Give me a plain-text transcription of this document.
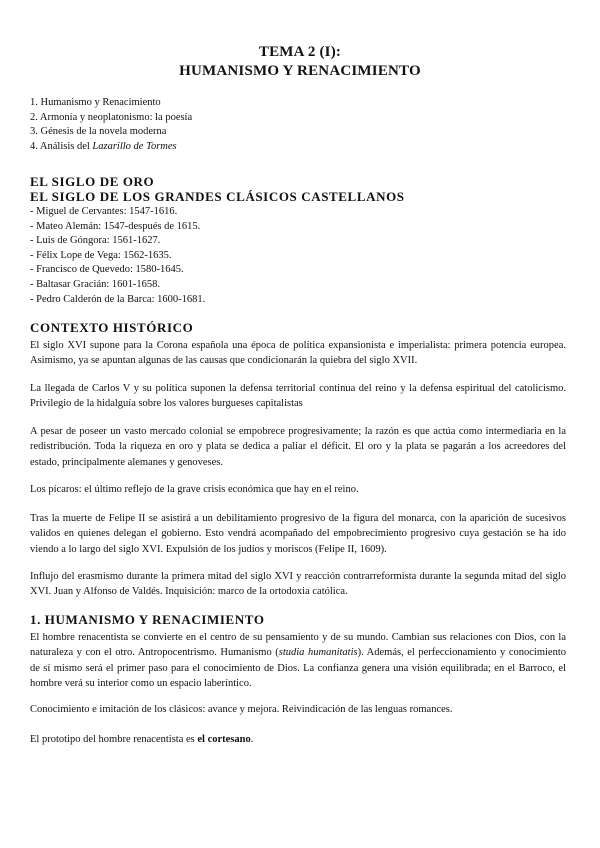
TEMA 2 (I):
HUMANISMO Y RENACIMIENTO
1. Humanismo y Renacimiento
2. Armonía y neoplatonismo: la poesía
3. Génesis de la novela moderna
4. Análisis del Lazarillo de Tormes
EL SIGLO DE ORO
EL SIGLO DE LOS GRANDES CLÁSICOS CASTELLANOS
- Miguel de Cervantes: 1547-1616.
- Mateo Alemán: 1547-después de 1615.
- Luis de Góngora: 1561-1627.
- Félix Lope de Vega: 1562-1635.
- Francisco de Quevedo: 1580-1645.
- Baltasar Gracián: 1601-1658.
- Pedro Calderón de la Barca: 1600-1681.
CONTEXTO HISTÓRICO
El siglo XVI supone para la Corona española una época de política expansionista e imperialista: primera potencia europea. Asimismo, ya se apuntan algunas de las causas que condicionarán la quiebra del siglo XVII.
La llegada de Carlos V y su política suponen la defensa territorial continua del reino y la defensa espiritual del catolicismo. Privilegio de la hidalguía sobre los valores burgueses capitalistas
A pesar de poseer un vasto mercado colonial se empobrece progresivamente; la razón es que actúa como intermediaria en la redistribución. Toda la riqueza en oro y plata se dedica a paliar el déficit. El oro y la plata se pagarán a los acreedores del estado, principalmente alemanes y genoveses.
Los pícaros: el último reflejo de la grave crisis económica que hay en el reino.
Tras la muerte de Felipe II se asistirá a un debilitamiento progresivo de la figura del monarca, con la aparición de sucesivos validos en quienes delegan el gobierno. Esto vendrá acompañado del empobrecimiento progresivo cuya gestación se ha ido viendo a lo largo del siglo XVI. Expulsión de los judíos y moriscos (Felipe II, 1609).
Influjo del erasmismo durante la primera mitad del siglo XVI y reacción contrarreformista durante la segunda mitad del siglo XVI. Juan y Alfonso de Valdés. Inquisición: marco de la ortodoxia católica.
1. HUMANISMO Y RENACIMIENTO
El hombre renacentista se convierte en el centro de su pensamiento y de su mundo. Cambian sus relaciones con Dios, con la naturaleza y con el otro. Antropocentrismo. Humanismo (studia humanitatis). Además, el perfeccionamiento y conocimiento de sí mismo será el primer paso para el conocimiento de Dios. La confianza genera una visión equilibrada; en el Barroco, el hombre verá su interior como un espacio laberíntico.
Conocimiento e imitación de los clásicos: avance y mejora. Reivindicación de las lenguas romances.
El prototipo del hombre renacentista es el cortesano.
